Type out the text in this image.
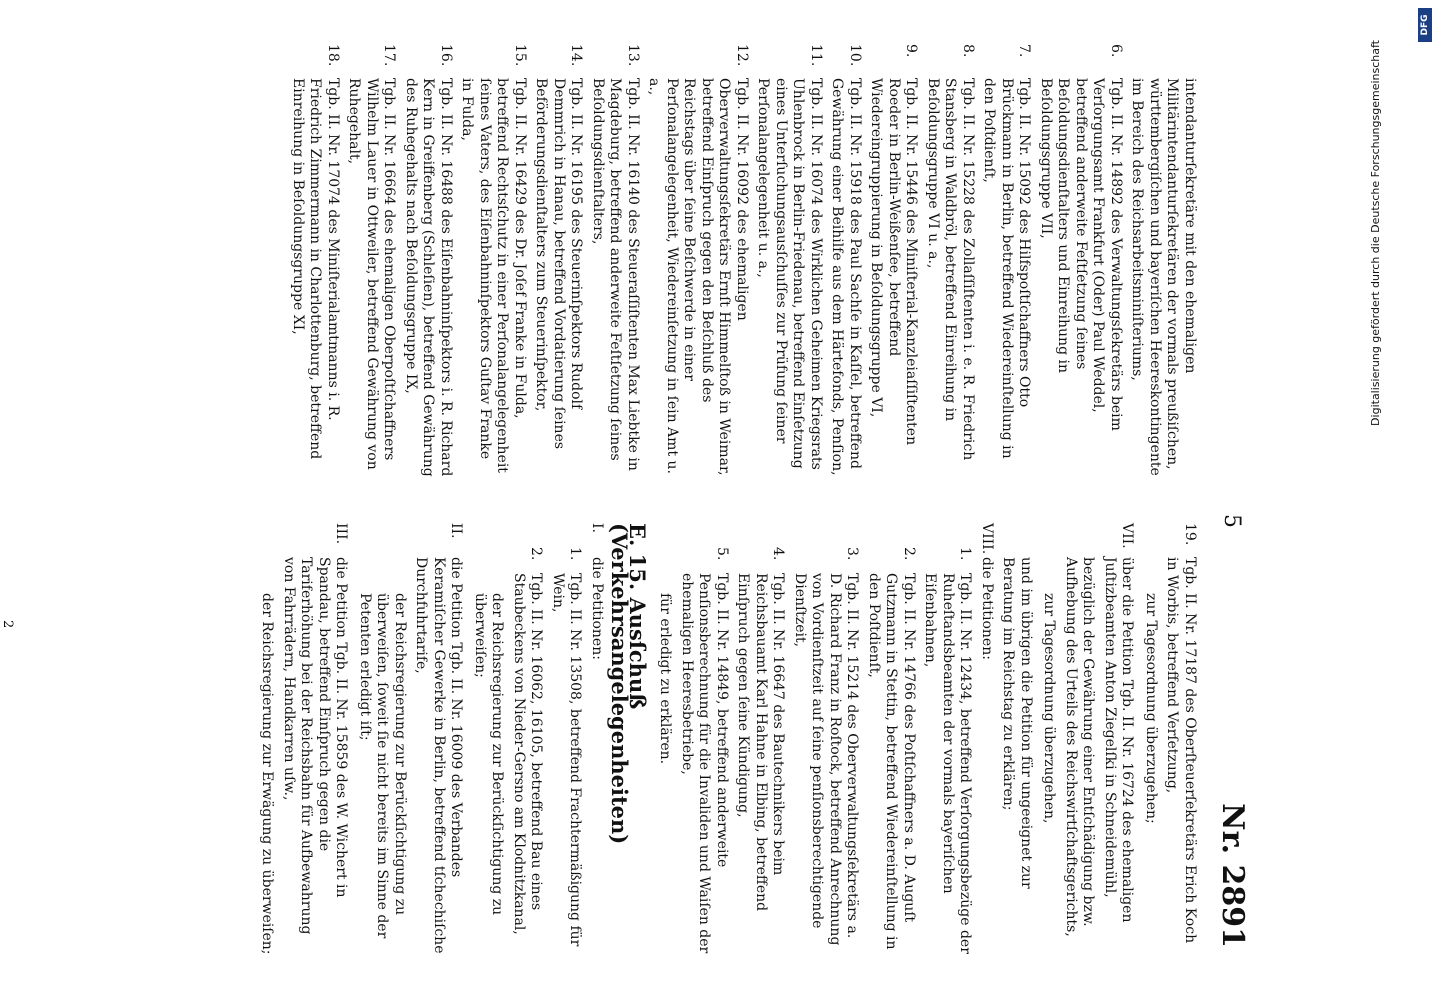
5
Nr. 2891
intendanturſekretäre mit den ehemaligen Militärintendanturſekretären der vormals preußiſchen, württembergiſchen und bayeriſchen Heereskontingente im Bereich des Reichsarbeitsminiſteriums,
6.
Tgb. II. Nr. 14892 des Verwaltungsſekretärs beim Verſorgungsamt Frankfurt (Oder) Paul Weddel, betreffend anderweite Feſtſetzung ſeines Beſoldungsdienſtalters und Einreihung in Beſoldungsgruppe VII,
7.
Tgb. II. Nr. 15092 des Hilfspoſtſchaffners Otto Brückmann in Berlin, betreffend Wiedereinſtellung in den Poſtdienſt,
8.
Tgb. II. Nr. 15228 des Zollaſſiſtenten i. e. R. Friedrich Stansberg in Waldbröl, betreffend Einreihung in Beſoldungsgruppe VI u. a.,
9.
Tgb. II. Nr. 15446 des Miniſterial-Kanzleiaſſiſtenten Roeder in Berlin-Weißenſee, betreffend Wiedereingruppierung in Beſoldungsgruppe VI,
10.
Tgb. II. Nr. 15918 des Paul Sachſe in Kaſſel, betreffend Gewährung einer Beihilfe aus dem Härtefonds, Penſion,
11.
Tgb. II. Nr. 16074 des Wirklichen Geheimen Kriegsrats Uhlenbrock in Berlin-Friedenau, betreffend Einſetzung eines Unterſuchungsausſchuſſes zur Prüfung ſeiner Perſonalangelegenheit u. a.,
12.
Tgb. II. Nr. 16092 des ehemaligen Oberverwaltungsſekretärs Ernſt Himmelſtoß in Weimar, betreffend Einſpruch gegen den Beſchluß des Reichstags über ſeine Beſchwerde in einer Perſonalangelegenheit, Wiedereinſetzung in ſein Amt u. a.,
13.
Tgb. II. Nr. 16140 des Steueraſſiſtenten Max Liebtke in Magdeburg, betreffend anderweite Feſtſetzung ſeines Beſoldungsdienſtalters,
14.
Tgb. II. Nr. 16195 des Steuerinſpektors Rudolf Demmrich in Hanau, betreffend Vordatierung ſeines Beförderungsdienſtalters zum Steuerinſpektor,
15.
Tgb. II. Nr. 16429 des Dr. Joſef Franke in Fulda, betreffend Rechtsſchutz in einer Perſonalangelegenheit ſeines Vaters, des Eiſenbahninſpektors Guſtav Franke in Fulda,
16.
Tgb. II. Nr. 16488 des Eiſenbahninſpektors i. R. Richard Kern in Greiffenberg (Schleſien), betreffend Gewährung des Ruhegehalts nach Beſoldungsgruppe IX,
17.
Tgb. II. Nr. 16664 des ehemaligen Oberpoſtſchaffners Wilhelm Lauer in Ottweiler, betreffend Gewährung von Ruhegehalt,
18.
Tgb. II. Nr. 17074 des Miniſterialamtmanns i. R. Friedrich Zimmermann in Charlottenburg, betreffend Einreihung in Beſoldungsgruppe XI,
19.
Tgb. II. Nr. 17187 des Oberſteuerſekretärs Erich Koch in Worbis, betreffend Verſetzung,
zur Tagesordnung überzugehen;
VII.
über die Petition Tgb. II. Nr. 16724 des ehemaligen Juſtizbeamten Anton Ziegelſki in Schneidemühl,
bezüglich der Gewährung einer Entſchädigung bzw. Aufhebung des Urteils des Reichswirtſchaftsgerichts,
zur Tagesordnung überzugehen,
und im übrigen die Petition für ungeeignet zur Beratung im Reichstag zu erklären;
VIII.
die Petitionen:
1.
Tgb. II. Nr. 12434, betreffend Verſorgungsbezüge der Ruheſtandsbeamten der vormals bayeriſchen Eiſenbahnen,
2.
Tgb. II. Nr. 14766 des Poſtſchaffners a. D. Auguſt Gutzmann in Stettin, betreffend Wiedereinſtellung in den Poſtdienſt,
3.
Tgb. II. Nr. 15214 des Oberverwaltungsſekretärs a. D. Richard Franz in Roſtock, betreffend Anrechnung von Vordienſtzeit auf ſeine penſionsberechtigende Dienſtzeit,
4.
Tgb. II. Nr. 16647 des Bautechnikers beim Reichsbauamt Karl Hahne in Elbing, betreffend Einſpruch gegen ſeine Kündigung,
5.
Tgb. II. Nr. 14849, betreffend anderweite Penſionsberechnung für die Invaliden und Waiſen der ehemaligen Heeresbetriebe,
für erledigt zu erklären.
E. 15. Ausſchuß (Verkehrsangelegenheiten)
I.
die Petitionen:
1.
Tgb. II. Nr. 13508, betreffend Frachtermäßigung für Wein,
2.
Tgb. II. Nr. 16062, 16105, betreffend Bau eines Staubeckens von Nieder-Gersno am Klodnitzkanal,
der Reichsregierung zur Berückſichtigung zu überweiſen;
II.
die Petition Tgb. II. Nr. 16009 des Verbandes Keramiſcher Gewerke in Berlin, betreffend tſchechiſche Durchfuhrtarife,
der Reichsregierung zur Berückſichtigung zu überweiſen, ſoweit ſie nicht bereits im Sinne der Petenten erledigt iſt;
III.
die Petition Tgb. II. Nr. 15859 des W. Wichert in Spandau, betreffend Einſpruch gegen die Tariferhöhung bei der Reichsbahn für Aufbewahrung von Fahrrädern, Handkarren uſw.,
der Reichsregierung zur Erwägung zu überweiſen;
2
Digitalisierung gefördert durch die Deutsche Forschungsgemeinschaft
DFG
